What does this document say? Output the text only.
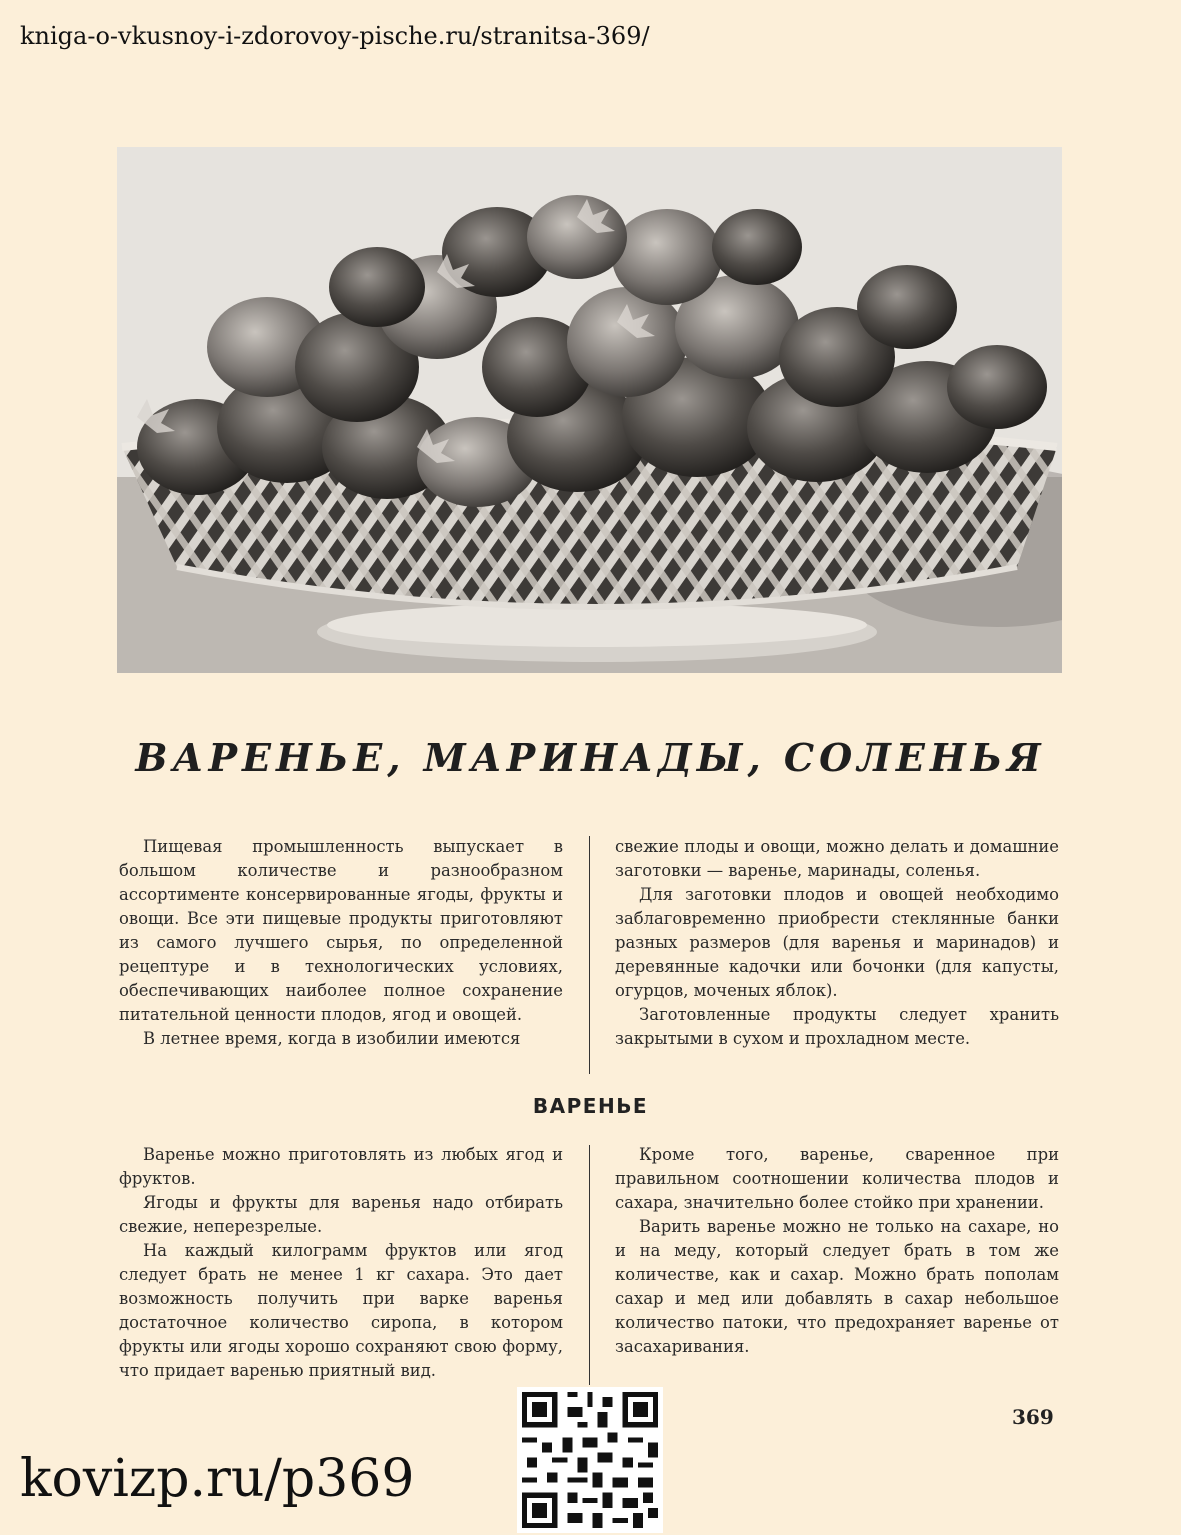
kniga-o-vkusnoy-i-zdorovoy-pische.ru/stranitsa-369/
ВАРЕНЬЕ, МАРИНАДЫ, СОЛЕНЬЯ

Пищевая промышленность выпускает в большом количестве и разнообразном ассортименте консервированные ягоды, фрукты и овощи. Все эти пищевые продукты приготовляют из самого лучшего сырья, по определенной рецептуре и в технологических условиях, обеспечивающих наиболее полное сохранение питательной ценности плодов, ягод и овощей.

В летнее время, когда в изобилии имеются

свежие плоды и овощи, можно делать и домашние заготовки — варенье, маринады, соленья.

Для заготовки плодов и овощей необходимо заблаговременно приобрести стеклянные банки разных размеров (для варенья и маринадов) и деревянные кадочки или бочонки (для капусты, огурцов, моченых яблок).

Заготовленные продукты следует хранить закрытыми в сухом и прохладном месте.

ВАРЕНЬЕ

Варенье можно приготовлять из любых ягод и фруктов.

Ягоды и фрукты для варенья надо отбирать свежие, неперезрелые.

На каждый килограмм фруктов или ягод следует брать не менее 1 кг сахара. Это дает возможность получить при варке варенья достаточное количество сиропа, в котором фрукты или ягоды хорошо сохраняют свою форму, что придает варенью приятный вид.

Кроме того, варенье, сваренное при правильном соотношении количества плодов и сахара, значительно более стойко при хранении.

Варить варенье можно не только на сахаре, но и на меду, который следует брать в том же количестве, как и сахар. Можно брать пополам сахар и мед или добавлять в сахар небольшое количество патоки, что предохраняет варенье от засахаривания.

369
kovizp.ru/p369
